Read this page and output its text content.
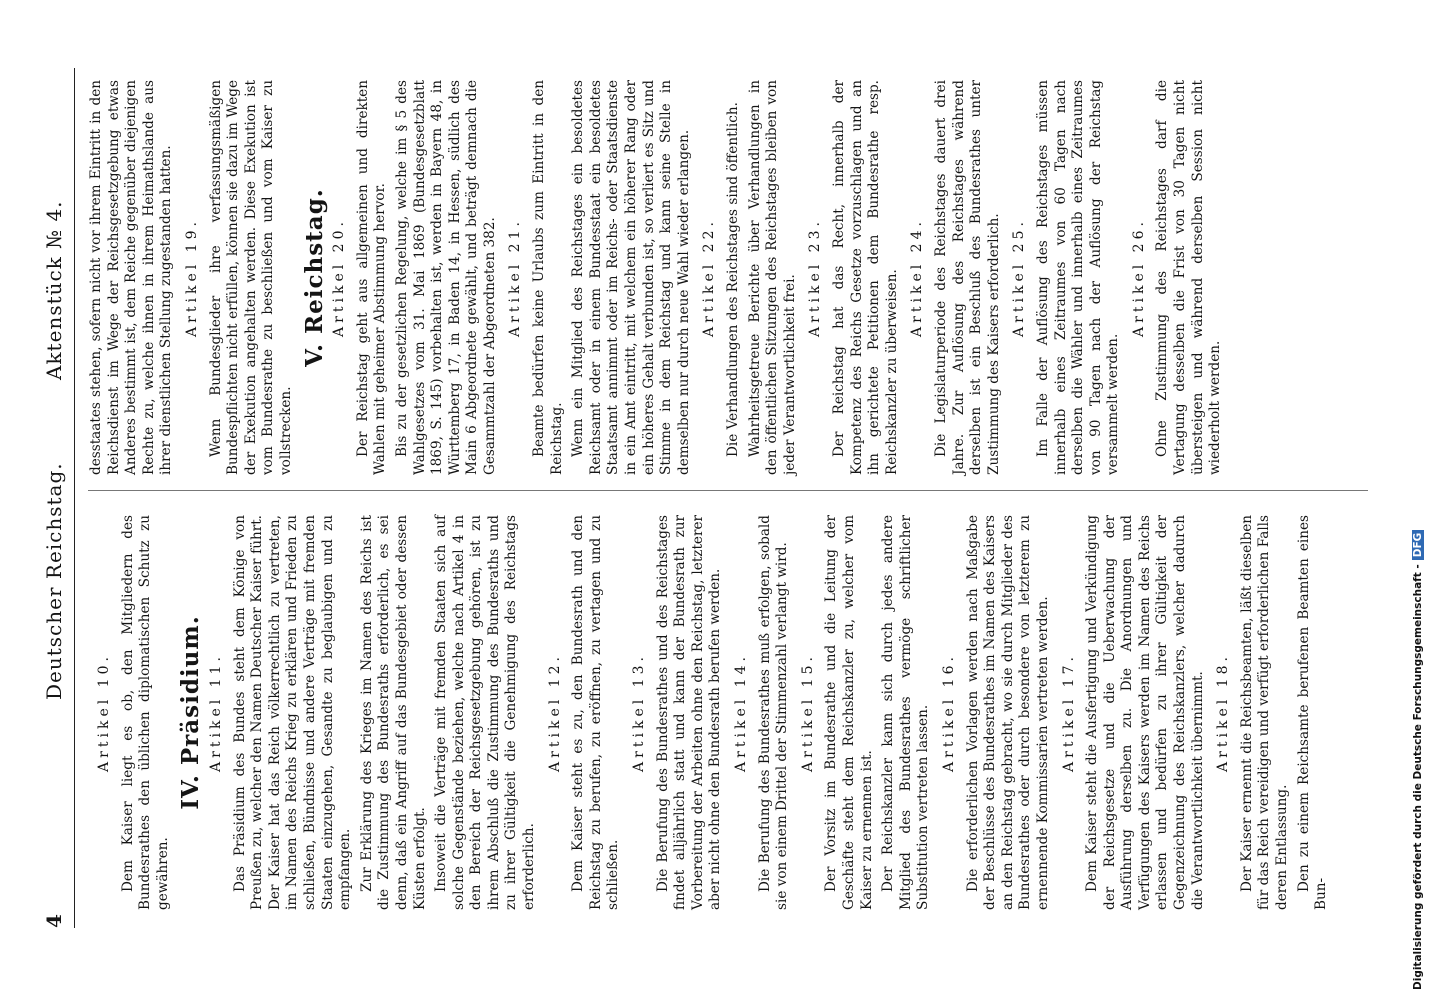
4
Deutscher Reichstag.
Aktenstück № 4.
Artikel 10. Dem Kaiser liegt es ob, den Mitgliedern des Bundesrathes den üblichen diplomatischen Schutz zu gewähren.
IV. Präsidium. Artikel 11. Das Präsidium des Bundes steht dem Könige von Preußen zu, welcher den Namen Deutscher Kaiser führt. Der Kaiser hat das Reich völkerrechtlich zu vertreten, im Namen des Reichs Krieg zu erklären und Frieden zu schließen, Bündnisse und andere Verträge mit fremden Staaten einzugehen, Gesandte zu beglaubigen und zu empfangen. Zur Erklärung des Krieges im Namen des Reichs ist die Zustimmung des Bundesraths erforderlich, es sei denn, daß ein Angriff auf das Bundesgebiet oder dessen Küsten erfolgt. Insoweit die Verträge mit fremden Staaten sich auf solche Gegenstände beziehen, welche nach Artikel 4 in den Bereich der Reichsgesetzgebung gehören, ist zu ihrem Abschluß die Zustimmung des Bundesraths und zu ihrer Gültigkeit die Genehmigung des Reichstags erforderlich.
Artikel 12. Dem Kaiser steht es zu, den Bundesrath und den Reichstag zu berufen, zu eröffnen, zu vertagen und zu schließen.
Artikel 13. Die Berufung des Bundesrathes und des Reichstages findet alljährlich statt und kann der Bundesrath zur Vorbereitung der Arbeiten ohne den Reichstag, letzterer aber nicht ohne den Bundesrath berufen werden. Artikel 14. Die Berufung des Bundesrathes muß erfolgen, sobald sie von einem Drittel der Stimmenzahl verlangt wird. Artikel 15. Der Vorsitz im Bundesrathe und die Leitung der Geschäfte steht dem Reichskanzler zu, welcher vom Kaiser zu ernennen ist. Der Reichskanzler kann sich durch jedes andere Mitglied des Bundesrathes vermöge schriftlicher Substitution vertreten lassen. Artikel 16. Die erforderlichen Vorlagen werden nach Maßgabe der Beschlüsse des Bundesrathes im Namen des Kaisers an den Reichstag gebracht, wo sie durch Mitglieder des Bundesrathes oder durch besondere von letzterem zu ernennende Kommissarien vertreten werden. Artikel 17. Dem Kaiser steht die Ausfertigung und Verkündigung der Reichsgesetze und die Ueberwachung der Ausführung derselben zu. Die Anordnungen und Verfügungen des Kaisers werden im Namen des Reichs erlassen und bedürfen zu ihrer Gültigkeit der Gegenzeichnung des Reichskanzlers, welcher dadurch die Verantwortlichkeit übernimmt. Artikel 18. Der Kaiser ernennt die Reichsbeamten, läßt dieselben für das Reich vereidigen und verfügt erforderlichen Falls deren Entlassung. Den zu einem Reichsamte berufenen Beamten eines Bun-
desstaates stehen, sofern nicht vor ihrem Eintritt in den Reichsdienst im Wege der Reichsgesetzgebung etwas Anderes bestimmt ist, dem Reiche gegenüber diejenigen Rechte zu, welche ihnen in ihrem Heimathslande aus ihrer dienstlichen Stellung zugestanden hatten. Artikel 19. Wenn Bundesglieder ihre verfassungsmäßigen Bundespflichten nicht erfüllen, können sie dazu im Wege der Exekution angehalten werden. Diese Exekution ist vom Bundesrathe zu beschließen und vom Kaiser zu vollstrecken.
V. Reichstag. Artikel 20. Der Reichstag geht aus allgemeinen und direkten Wahlen mit geheimer Abstimmung hervor. Bis zu der gesetzlichen Regelung, welche im § 5 des Wahlgesetzes vom 31. Mai 1869 (Bundesgesetzblatt 1869, S. 145) vorbehalten ist, werden in Bayern 48, in Württemberg 17, in Baden 14, in Hessen, südlich des Main 6 Abgeordnete gewählt, und beträgt demnach die Gesammtzahl der Abgeordneten 382. Artikel 21. Beamte bedürfen keine Urlaubs zum Eintritt in den Reichstag. Wenn ein Mitglied des Reichstages ein besoldetes Reichsamt oder in einem Bundesstaat ein besoldetes Staatsamt annimmt oder im Reichs- oder Staatsdienste in ein Amt eintritt, mit welchem ein höherer Rang oder ein höheres Gehalt verbunden ist, so verliert es Sitz und Stimme in dem Reichstag und kann seine Stelle in demselben nur durch neue Wahl wieder erlangen. Artikel 22. Die Verhandlungen des Reichstages sind öffentlich. Wahrheitsgetreue Berichte über Verhandlungen in den öffentlichen Sitzungen des Reichstages bleiben von jeder Verantwortlichkeit frei. Artikel 23. Der Reichstag hat das Recht, innerhalb der Kompetenz des Reichs Gesetze vorzuschlagen und an ihn gerichtete Petitionen dem Bundesrathe resp. Reichskanzler zu überweisen. Artikel 24. Die Legislaturperiode des Reichstages dauert drei Jahre. Zur Auflösung des Reichstages während derselben ist ein Beschluß des Bundesrathes unter Zustimmung des Kaisers erforderlich. Artikel 25. Im Falle der Auflösung des Reichstages müssen innerhalb eines Zeitraumes von 60 Tagen nach derselben die Wähler und innerhalb eines Zeitraumes von 90 Tagen nach der Auflösung der Reichstag versammelt werden.
Artikel 26. Ohne Zustimmung des Reichstages darf die Vertagung desselben die Frist von 30 Tagen nicht übersteigen und während derselben Session nicht wiederholt werden.
Digitalisierung gefördert durch die Deutsche Forschungsgemeinschaft -DFG
